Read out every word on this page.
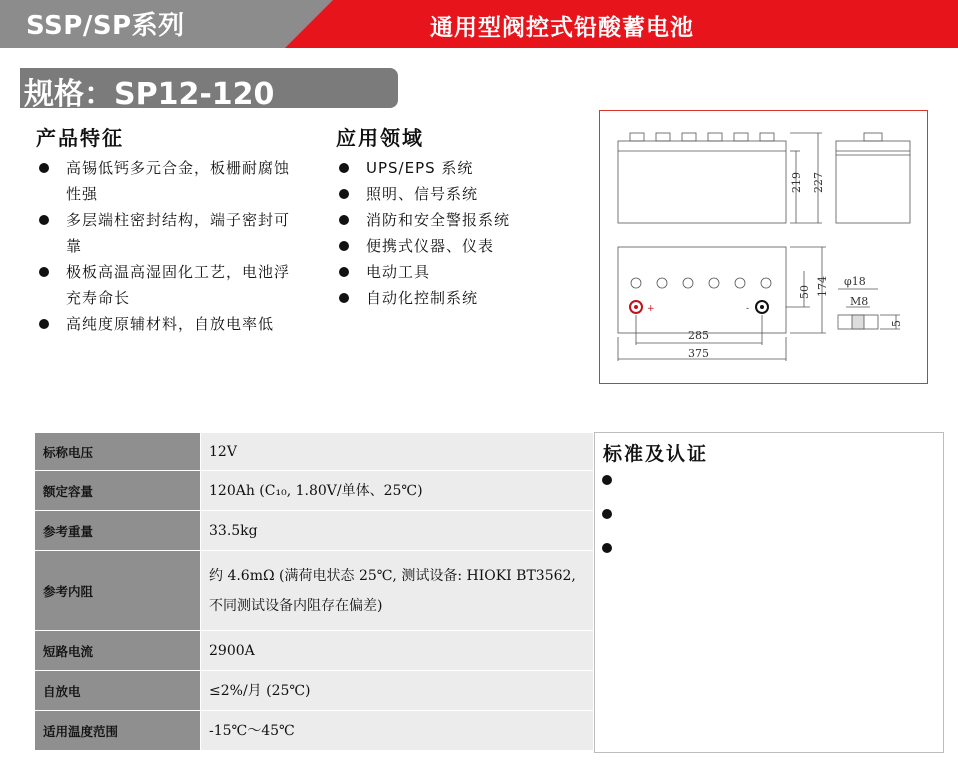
SSP/SP系列	通用型阀控式铅酸蓄电池
规格：SP12-120
产品特征
高锡低钙多元合金，板栅耐腐蚀性强
多层端柱密封结构，端子密封可靠
极板高温高湿固化工艺，电池浮充寿命长
高纯度原辅材料，自放电率低
应用领域
UPS/EPS 系统
照明、信号系统
消防和安全警报系统
便携式仪器、仪表
电动工具
自动化控制系统
219 227
+	-
285
375
50 174 φ18
M8
5
标称电压	12V
额定容量	120Ah (C₁₀, 1.80V/单体、25℃)
参考重量	33.5kg
参考内阻	约 4.6mΩ (满荷电状态 25℃, 测试设备: HIOKI BT3562, 不同测试设备内阻存在偏差)
短路电流	2900A
自放电	≤2%/月 (25℃)
适用温度范围	-15℃～45℃
标准及认证
